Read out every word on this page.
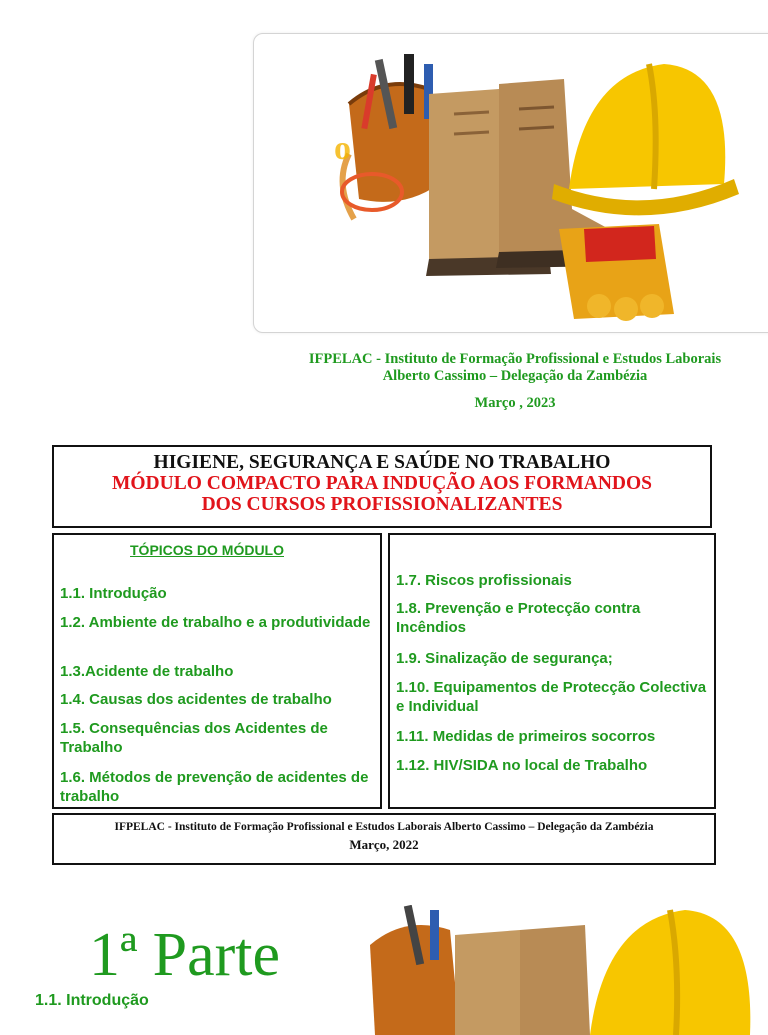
o
IFPELAC - Instituto de Formação Profissional e Estudos Laborais
Alberto Cassimo – Delegação da Zambézia
Março , 2023
HIGIENE, SEGURANÇA E SAÚDE NO TRABALHO
MÓDULO COMPACTO PARA INDUÇÃO AOS FORMANDOS
DOS CURSOS PROFISSIONALIZANTES
TÓPICOS DO MÓDULO
1.1. Introdução
1.2. Ambiente de trabalho e a produtividade
1.3.Acidente de trabalho
1.4. Causas dos acidentes de trabalho
1.5. Consequências dos Acidentes de Trabalho
1.6. Métodos de prevenção de acidentes de trabalho
1.7. Riscos profissionais
1.8. Prevenção e Protecção contra Incêndios
1.9. Sinalização de segurança;
1.10. Equipamentos de Protecção Colectiva e Individual
1.11. Medidas de primeiros socorros
1.12. HIV/SIDA no local de Trabalho
IFPELAC - Instituto de Formação Profissional e Estudos Laborais Alberto Cassimo – Delegação da Zambézia
Março, 2022
1ª Parte
1.1. Introdução
